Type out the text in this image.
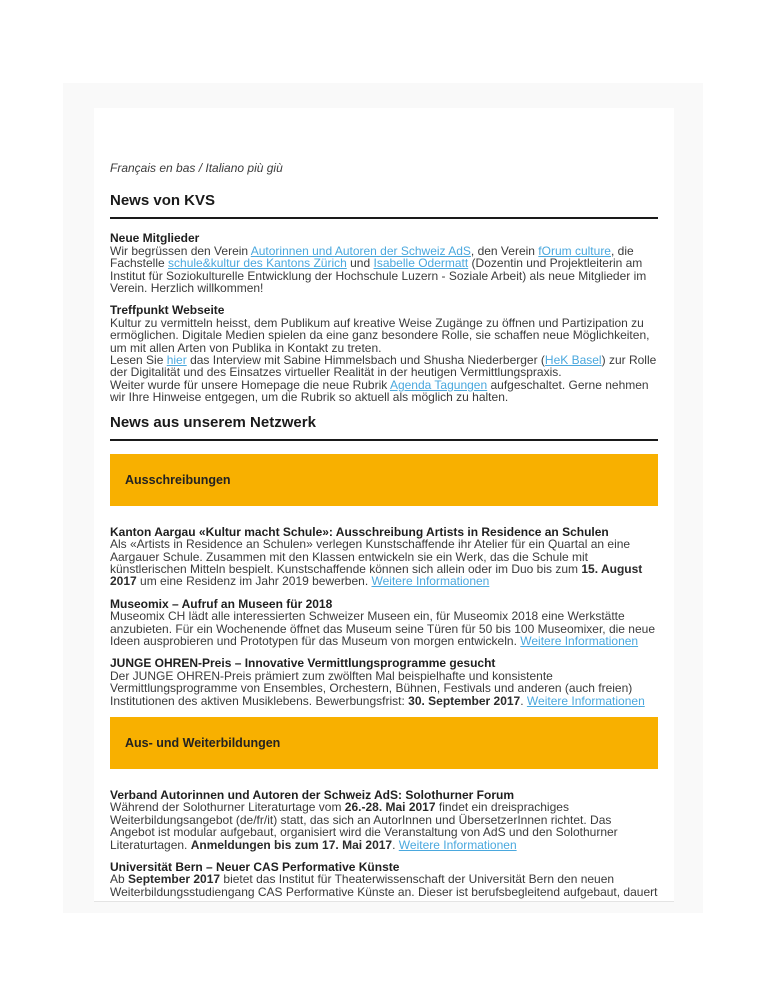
Français en bas / Italiano più giù

News von KVS
Neue Mitglieder

Wir begrüssen den Verein Autorinnen und Autoren der Schweiz AdS, den Verein fOrum culture, die Fachstelle schule&kultur des Kantons Zürich und Isabelle Odermatt (Dozentin und Projektleiterin am Institut für Soziokulturelle Entwicklung der Hochschule Luzern - Soziale Arbeit) als neue Mitglieder im Verein. Herzlich willkommen!

Treffpunkt Webseite

Kultur zu vermitteln heisst, dem Publikum auf kreative Weise Zugänge zu öffnen und Partizipation zu ermöglichen. Digitale Medien spielen da eine ganz besondere Rolle, sie schaffen neue Möglichkeiten, um mit allen Arten von Publika in Kontakt zu treten.
Lesen Sie hier das Interview mit Sabine Himmelsbach und Shusha Niederberger (HeK Basel) zur Rolle der Digitalität und des Einsatzes virtueller Realität in der heutigen Vermittlungspraxis.
Weiter wurde für unsere Homepage die neue Rubrik Agenda Tagungen aufgeschaltet. Gerne nehmen wir Ihre Hinweise entgegen, um die Rubrik so aktuell als möglich zu halten.

News aus unserem Netzwerk
Ausschreibungen
Kanton Aargau «Kultur macht Schule»: Ausschreibung Artists in Residence an Schulen

Als «Artists in Residence an Schulen» verlegen Kunstschaffende ihr Atelier für ein Quartal an eine Aargauer Schule. Zusammen mit den Klassen entwickeln sie ein Werk, das die Schule mit künstlerischen Mitteln bespielt. Kunstschaffende können sich allein oder im Duo bis zum 15. August 2017 um eine Residenz im Jahr 2019 bewerben. Weitere Informationen

Museomix – Aufruf an Museen für 2018

Museomix CH lädt alle interessierten Schweizer Museen ein, für Museomix 2018 eine Werkstätte anzubieten. Für ein Wochenende öffnet das Museum seine Türen für 50 bis 100 Museomixer, die neue Ideen ausprobieren und Prototypen für das Museum von morgen entwickeln. Weitere Informationen

JUNGE OHREN-Preis – Innovative Vermittlungsprogramme gesucht

Der JUNGE OHREN-Preis prämiert zum zwölften Mal beispielhafte und konsistente Vermittlungsprogramme von Ensembles, Orchestern, Bühnen, Festivals und anderen (auch freien) Institutionen des aktiven Musiklebens. Bewerbungsfrist: 30. September 2017. Weitere Informationen

Aus- und Weiterbildungen
Verband Autorinnen und Autoren der Schweiz AdS: Solothurner Forum

Während der Solothurner Literaturtage vom 26.-28. Mai 2017 findet ein dreisprachiges Weiterbildungsangebot (de/fr/it) statt, das sich an AutorInnen und ÜbersetzerInnen richtet. Das Angebot ist modular aufgebaut, organisiert wird die Veranstaltung von AdS und den Solothurner Literaturtagen. Anmeldungen bis zum 17. Mai 2017. Weitere Informationen

Universität Bern – Neuer CAS Performative Künste

Ab September 2017 bietet das Institut für Theaterwissenschaft der Universität Bern den neuen Weiterbildungsstudiengang CAS Performative Künste an. Dieser ist berufsbegleitend aufgebaut, dauert
